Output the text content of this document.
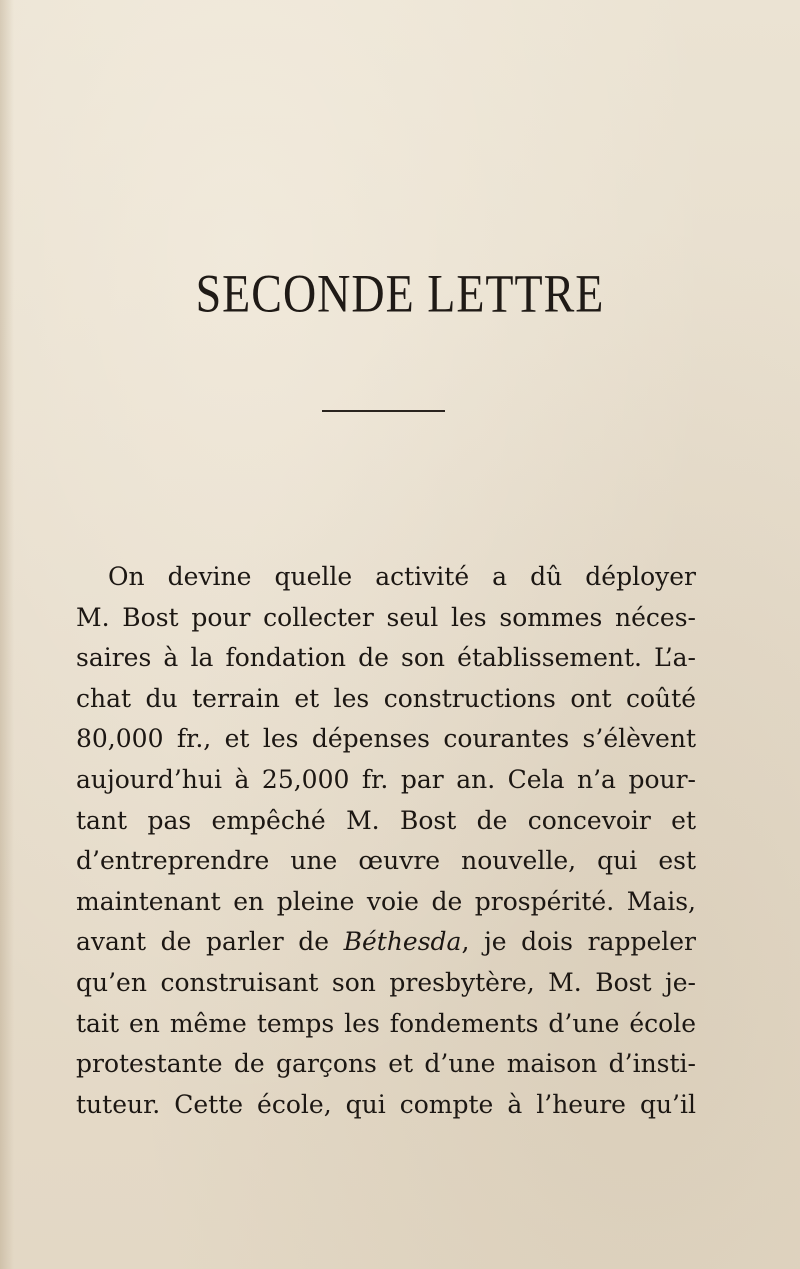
SECONDE LETTRE
On devine quelle activité a dû déployer
M. Bost pour collecter seul les sommes néces-
saires à la fondation de son établissement. L’a-
chat du terrain et les constructions ont coûté
80,000 fr., et les dépenses courantes s’élèvent
aujourd’hui à 25,000 fr. par an. Cela n’a pour-
tant pas empêché M. Bost de concevoir et
d’entreprendre une œuvre nouvelle, qui est
maintenant en pleine voie de prospérité. Mais,
avant de parler de Béthesda, je dois rappeler
qu’en construisant son presbytère, M. Bost je-
tait en même temps les fondements d’une école
protestante de garçons et d’une maison d’insti-
tuteur. Cette école, qui compte à l’heure qu’il
